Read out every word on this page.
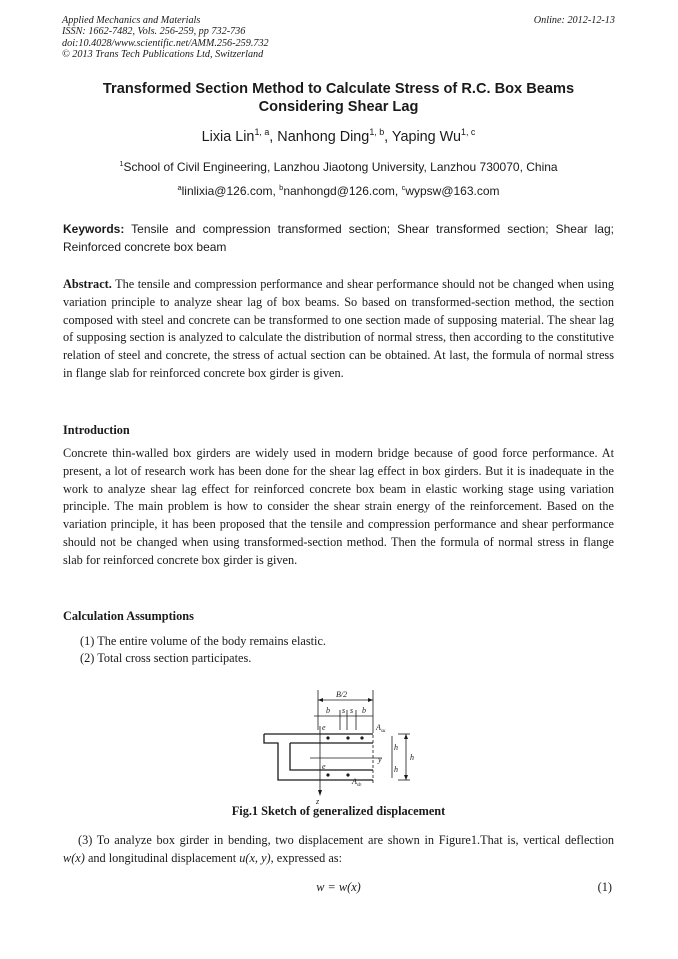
Applied Mechanics and Materials
ISSN: 1662-7482, Vols. 256-259, pp 732-736
doi:10.4028/www.scientific.net/AMM.256-259.732
© 2013 Trans Tech Publications Ltd, Switzerland
Online: 2012-12-13
Transformed Section Method to Calculate Stress of R.C. Box Beams Considering Shear Lag
Lixia Lin$^{1, a}$, Nanhong Ding$^{1, b}$, Yaping Wu$^{1, c}$
$^1$School of Civil Engineering, Lanzhou Jiaotong University, Lanzhou 730070, China
$^a$linlixia@126.com, $^b$nanhongd@126.com, $^c$wypsw@163.com
Keywords: Tensile and compression transformed section; Shear transformed section; Shear lag; Reinforced concrete box beam
Abstract. The tensile and compression performance and shear performance should not be changed when using variation principle to analyze shear lag of box beams. So based on transformed-section method, the section composed with steel and concrete can be transformed to one section made of supposing material. The shear lag of supposing section is analyzed to calculate the distribution of normal stress, then according to the constitutive relation of steel and concrete, the stress of actual section can be obtained. At last, the formula of normal stress in flange slab for reinforced concrete box girder is given.
Introduction
Concrete thin-walled box girders are widely used in modern bridge because of good force performance. At present, a lot of research work has been done for the shear lag effect in box girders. But it is inadequate in the work to analyze shear lag effect for reinforced concrete box beam in elastic working stage using variation principle. The main problem is how to consider the shear strain energy of the reinforcement. Based on the variation principle, it has been proposed that the tensile and compression performance and shear performance should not be changed when using transformed-section method. Then the formula of normal stress in flange slab for reinforced concrete box girder is given.
Calculation Assumptions
(1) The entire volume of the body remains elastic.
(2) Total cross section participates.
B/2
b	b
s s
$A_{su}$
$A_{sb}$
y
z
h
h
e
e
h
Fig.1 Sketch of generalized displacement
(3) To analyze box girder in bending, two displacement are shown in Figure1.That is, vertical deflection w(x) and longitudinal displacement u(x, y), expressed as:
w = w(x)	(1)
